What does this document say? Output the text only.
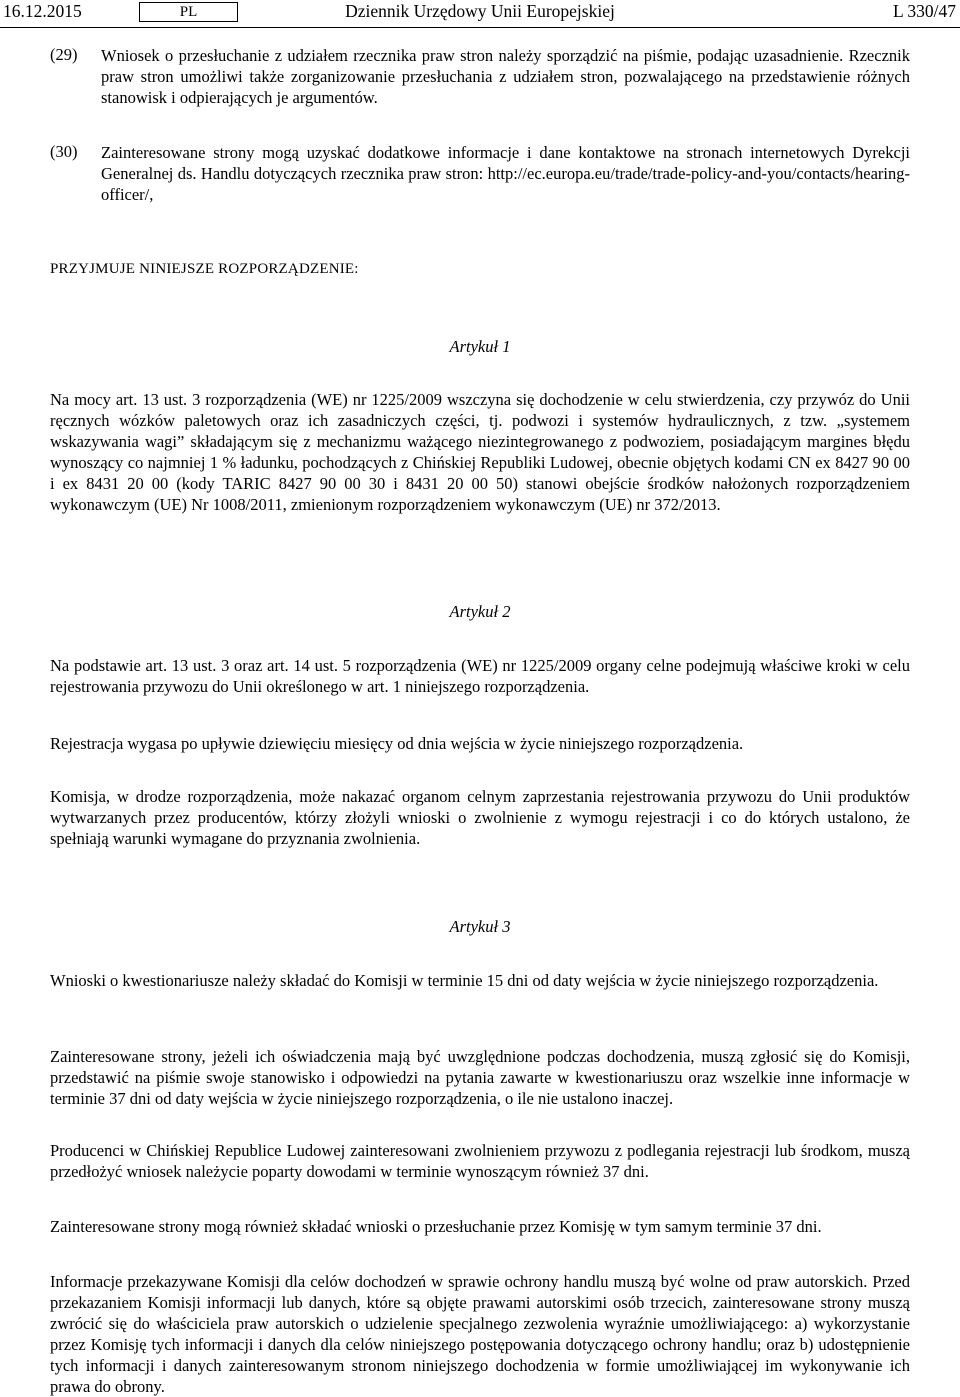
16.12.2015	PL	Dziennik Urzędowy Unii Europejskiej	L 330/47
(29) Wniosek o przesłuchanie z udziałem rzecznika praw stron należy sporządzić na piśmie, podając uzasadnienie. Rzecznik praw stron umożliwi także zorganizowanie przesłuchania z udziałem stron, pozwalającego na przedstawienie różnych stanowisk i odpierających je argumentów.
(30) Zainteresowane strony mogą uzyskać dodatkowe informacje i dane kontaktowe na stronach internetowych Dyrekcji Generalnej ds. Handlu dotyczących rzecznika praw stron: http://ec.europa.eu/trade/trade-policy-and-you/contacts/hearing-officer/,
PRZYJMUJE NINIEJSZE ROZPORZĄDZENIE:
Artykuł 1
Na mocy art. 13 ust. 3 rozporządzenia (WE) nr 1225/2009 wszczyna się dochodzenie w celu stwierdzenia, czy przywóz do Unii ręcznych wózków paletowych oraz ich zasadniczych części, tj. podwozi i systemów hydraulicznych, z tzw. „systemem wskazywania wagi” składającym się z mechanizmu ważącego niezintegrowanego z podwoziem, posiadającym margines błędu wynoszący co najmniej 1 % ładunku, pochodzących z Chińskiej Republiki Ludowej, obecnie objętych kodami CN ex 8427 90 00 i ex 8431 20 00 (kody TARIC 8427 90 00 30 i 8431 20 00 50) stanowi obejście środków nałożonych rozporządzeniem wykonawczym (UE) Nr 1008/2011, zmienionym rozporządzeniem wykonawczym (UE) nr 372/2013.
Artykuł 2
Na podstawie art. 13 ust. 3 oraz art. 14 ust. 5 rozporządzenia (WE) nr 1225/2009 organy celne podejmują właściwe kroki w celu rejestrowania przywozu do Unii określonego w art. 1 niniejszego rozporządzenia.
Rejestracja wygasa po upływie dziewięciu miesięcy od dnia wejścia w życie niniejszego rozporządzenia.
Komisja, w drodze rozporządzenia, może nakazać organom celnym zaprzestania rejestrowania przywozu do Unii produktów wytwarzanych przez producentów, którzy złożyli wnioski o zwolnienie z wymogu rejestracji i co do których ustalono, że spełniają warunki wymagane do przyznania zwolnienia.
Artykuł 3
Wnioski o kwestionariusze należy składać do Komisji w terminie 15 dni od daty wejścia w życie niniejszego rozporządzenia.
Zainteresowane strony, jeżeli ich oświadczenia mają być uwzględnione podczas dochodzenia, muszą zgłosić się do Komisji, przedstawić na piśmie swoje stanowisko i odpowiedzi na pytania zawarte w kwestionariuszu oraz wszelkie inne informacje w terminie 37 dni od daty wejścia w życie niniejszego rozporządzenia, o ile nie ustalono inaczej.
Producenci w Chińskiej Republice Ludowej zainteresowani zwolnieniem przywozu z podlegania rejestracji lub środkom, muszą przedłożyć wniosek należycie poparty dowodami w terminie wynoszącym również 37 dni.
Zainteresowane strony mogą również składać wnioski o przesłuchanie przez Komisję w tym samym terminie 37 dni.
Informacje przekazywane Komisji dla celów dochodzeń w sprawie ochrony handlu muszą być wolne od praw autorskich. Przed przekazaniem Komisji informacji lub danych, które są objęte prawami autorskimi osób trzecich, zainteresowane strony muszą zwrócić się do właściciela praw autorskich o udzielenie specjalnego zezwolenia wyraźnie umożliwiającego: a) wykorzystanie przez Komisję tych informacji i danych dla celów niniejszego postępowania dotyczącego ochrony handlu; oraz b) udostępnienie tych informacji i danych zainteresowanym stronom niniejszego dochodzenia w formie umożliwiającej im wykonywanie ich prawa do obrony.
